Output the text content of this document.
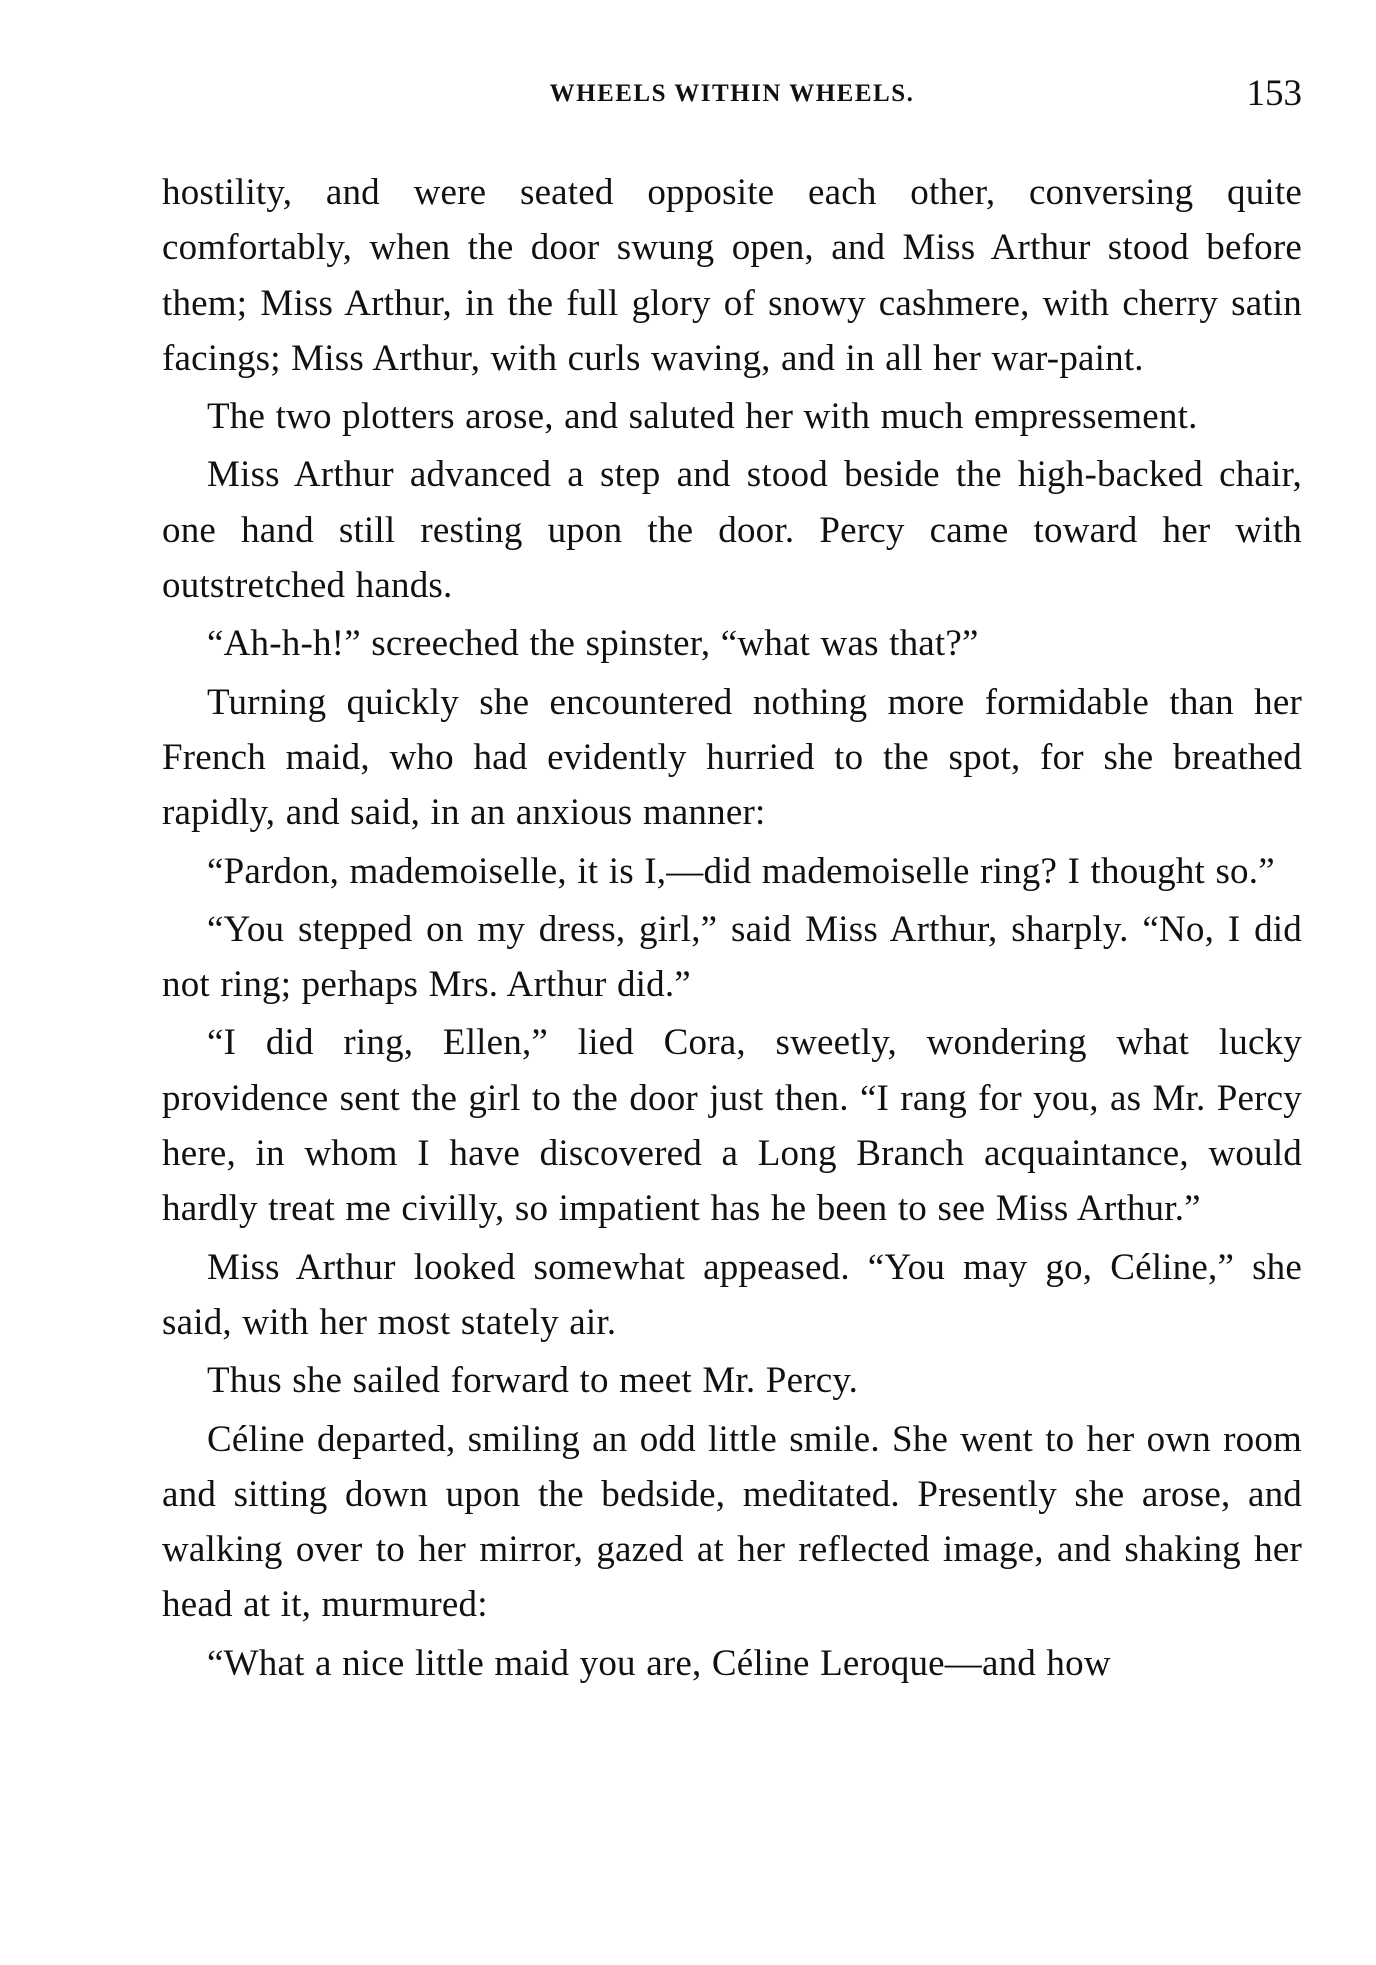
WHEELS WITHIN WHEELS.	153

hostility, and were seated opposite each other, conversing quite comfortably, when the door swung open, and Miss Arthur stood before them; Miss Arthur, in the full glory of snowy cashmere, with cherry satin facings; Miss Arthur, with curls waving, and in all her war-paint.

The two plotters arose, and saluted her with much empressement.

Miss Arthur advanced a step and stood beside the high-backed chair, one hand still resting upon the door. Percy came toward her with outstretched hands.

“Ah-h-h!” screeched the spinster, “what was that?”

Turning quickly she encountered nothing more formidable than her French maid, who had evidently hurried to the spot, for she breathed rapidly, and said, in an anxious manner:

“Pardon, mademoiselle, it is I,—did mademoiselle ring? I thought so.”

“You stepped on my dress, girl,” said Miss Arthur, sharply. “No, I did not ring; perhaps Mrs. Arthur did.”

“I did ring, Ellen,” lied Cora, sweetly, wondering what lucky providence sent the girl to the door just then. “I rang for you, as Mr. Percy here, in whom I have discovered a Long Branch acquaintance, would hardly treat me civilly, so impatient has he been to see Miss Arthur.”

Miss Arthur looked somewhat appeased. “You may go, Céline,” she said, with her most stately air.

Thus she sailed forward to meet Mr. Percy.

Céline departed, smiling an odd little smile. She went to her own room and sitting down upon the bedside, meditated. Presently she arose, and walking over to her mirror, gazed at her reflected image, and shaking her head at it, murmured:

“What a nice little maid you are, Céline Leroque—and how
